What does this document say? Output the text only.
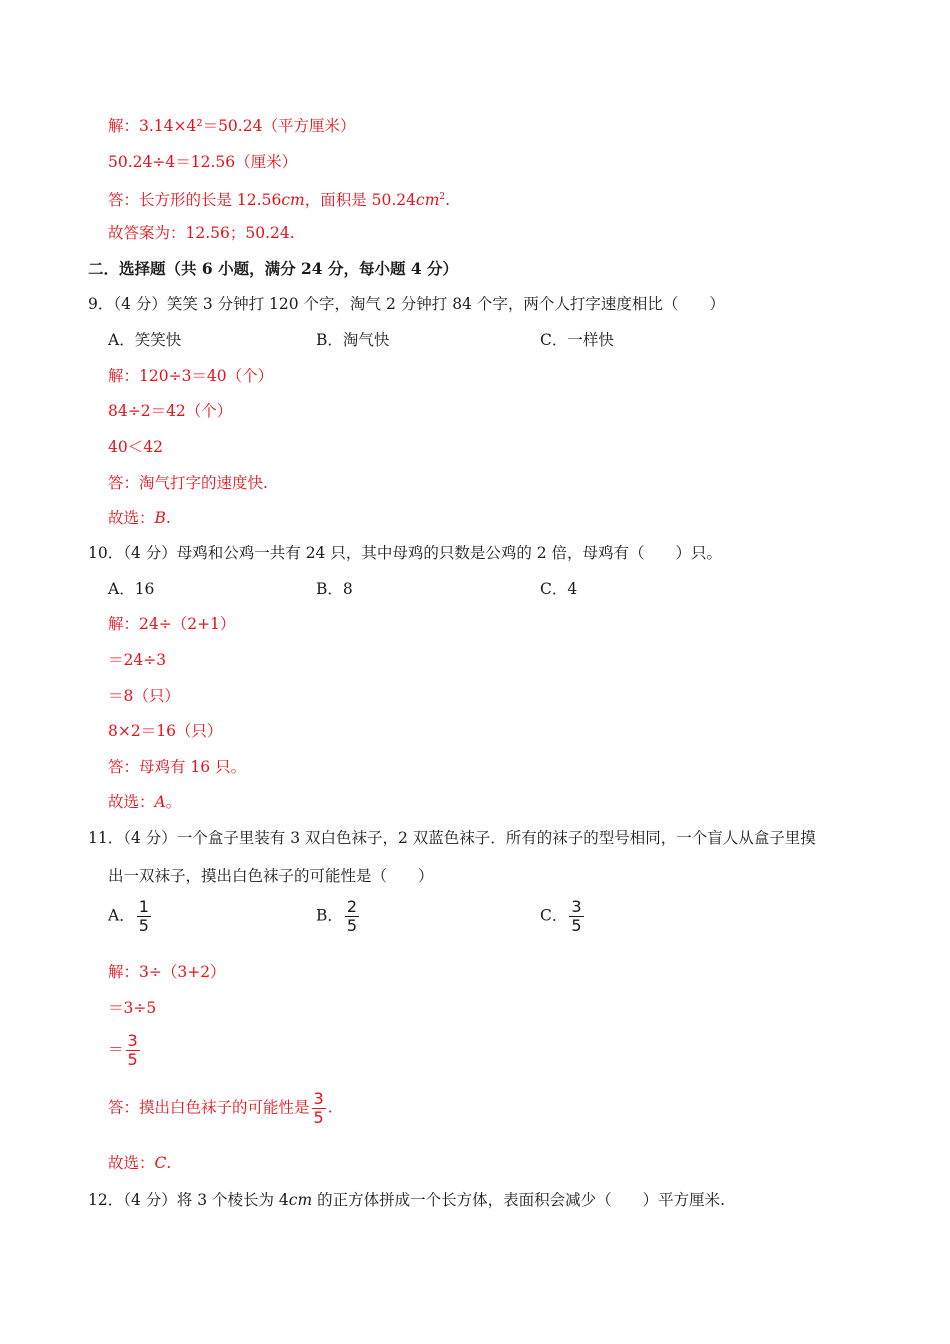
解：3.14×4²＝50.24（平方厘米）
50.24÷4＝12.56（厘米）
答：长方形的长是 12.56cm，面积是 $50.24cm^2$.
故答案为：12.56；50.24.
二．选择题（共 6 小题，满分 24 分，每小题 4 分）
9．（4 分）笑笑 3 分钟打 120 个字，淘气 2 分钟打 84 个字，两个人打字速度相比（　　）
A．笑笑快	B．淘气快	C．一样快
解：120÷3＝40（个）
84÷2＝42（个）
40＜42
答：淘气打字的速度快.
故选：B.
10．（4 分）母鸡和公鸡一共有 24 只，其中母鸡的只数是公鸡的 2 倍，母鸡有（　　）只。
A．16	B．8	C．4
解：24÷（2+1）
＝24÷3
＝8（只）
8×2＝16（只）
答：母鸡有 16 只。
故选：A。
11．（4 分）一个盒子里装有 3 双白色袜子，2 双蓝色袜子．所有的袜子的型号相同，一个盲人从盒子里摸
出一双袜子，摸出白色袜子的可能性是（　　）
A． $\frac{1}{5}$	B． $\frac{2}{5}$	C． $\frac{3}{5}$
解：3÷（3+2）
＝3÷5
＝ $\frac{3}{5}$
答：摸出白色袜子的可能性是 $\frac{3}{5}$ .
故选：C.
12．（4 分）将 3 个棱长为 4cm 的正方体拼成一个长方体，表面积会减少（　　）平方厘米.
